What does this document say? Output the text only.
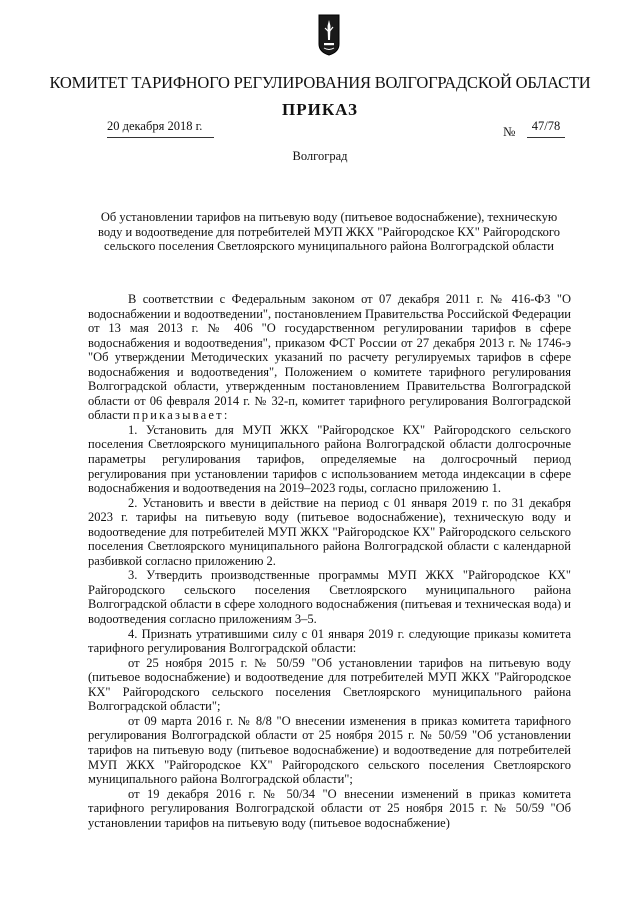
КОМИТЕТ ТАРИФНОГО РЕГУЛИРОВАНИЯ ВОЛГОГРАДСКОЙ ОБЛАСТИ
ПРИКАЗ
20 декабря 2018 г.	№	47/78
Волгоград
Об установлении тарифов на питьевую воду (питьевое водоснабжение), техническую воду и водоотведение для потребителей МУП ЖКХ "Райгородское КХ" Райгородского сельского поселения Светлоярского муниципального района Волгоградской области

В соответствии с Федеральным законом от 07 декабря 2011 г. № 416-ФЗ "О водоснабжении и водоотведении", постановлением Правительства Российской Федерации от 13 мая 2013 г. № 406 "О государственном регулировании тарифов в сфере водоснабжения и водоотведения", приказом ФСТ России от 27 декабря 2013 г. № 1746-э "Об утверждении Методических указаний по расчету регулируемых тарифов в сфере водоснабжения и водоотведения", Положением о комитете тарифного регулирования Волгоградской области, утвержденным постановлением Правительства Волгоградской области от 06 февраля 2014 г. № 32-п, комитет тарифного регулирования Волгоградской области приказывает:

1. Установить для МУП ЖКХ "Райгородское КХ" Райгородского сельского поселения Светлоярского муниципального района Волгоградской области долгосрочные параметры регулирования тарифов, определяемые на долгосрочный период регулирования при установлении тарифов с использованием метода индексации в сфере водоснабжения и водоотведения на 2019–2023 годы, согласно приложению 1.

2. Установить и ввести в действие на период с 01 января 2019 г. по 31 декабря 2023 г. тарифы на питьевую воду (питьевое водоснабжение), техническую воду и водоотведение для потребителей МУП ЖКХ "Райгородское КХ" Райгородского сельского поселения Светлоярского муниципального района Волгоградской области с календарной разбивкой согласно приложению 2.

3. Утвердить производственные программы МУП ЖКХ "Райгородское КХ" Райгородского сельского поселения Светлоярского муниципального района Волгоградской области в сфере холодного водоснабжения (питьевая и техническая вода) и водоотведения согласно приложениям 3–5.

4. Признать утратившими силу с 01 января 2019 г. следующие приказы комитета тарифного регулирования Волгоградской области:

от 25 ноября 2015 г. № 50/59 "Об установлении тарифов на питьевую воду (питьевое водоснабжение) и водоотведение для потребителей МУП ЖКХ "Райгородское КХ" Райгородского сельского поселения Светлоярского муниципального района Волгоградской области";

от 09 марта 2016 г. № 8/8 "О внесении изменения в приказ комитета тарифного регулирования Волгоградской области от 25 ноября 2015 г. № 50/59 "Об установлении тарифов на питьевую воду (питьевое водоснабжение) и водоотведение для потребителей МУП ЖКХ "Райгородское КХ" Райгородского сельского поселения Светлоярского муниципального района Волгоградской области";

от 19 декабря 2016 г. № 50/34 "О внесении изменений в приказ комитета тарифного регулирования Волгоградской области от 25 ноября 2015 г. № 50/59 "Об установлении тарифов на питьевую воду (питьевое водоснабжение)
